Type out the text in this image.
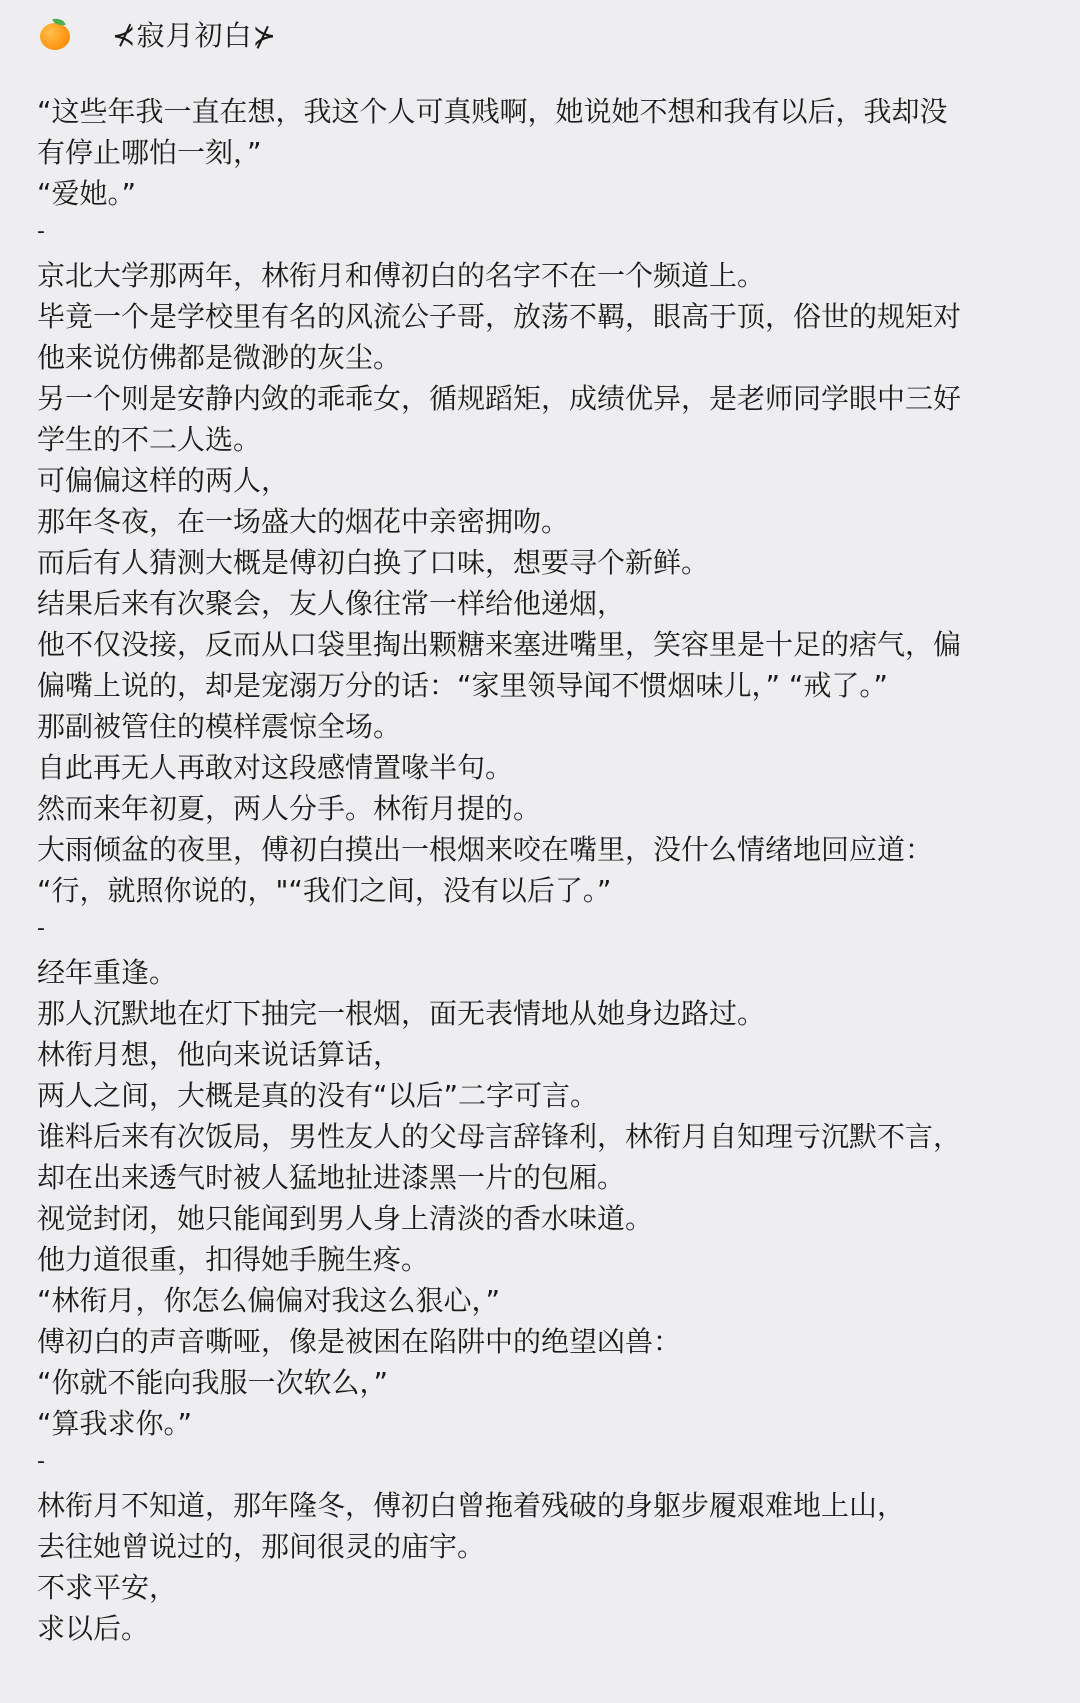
⊀寂月初白⊁
“这些年我一直在想，我这个人可真贱啊，她说她不想和我有以后，我却没
有停止哪怕一刻，”
“爱她。”
-
京北大学那两年，林衔月和傅初白的名字不在一个频道上。
毕竟一个是学校里有名的风流公子哥，放荡不羁，眼高于顶，俗世的规矩对
他来说仿佛都是微渺的灰尘。
另一个则是安静内敛的乖乖女，循规蹈矩，成绩优异，是老师同学眼中三好
学生的不二人选。
可偏偏这样的两人，
那年冬夜，在一场盛大的烟花中亲密拥吻。
而后有人猜测大概是傅初白换了口味，想要寻个新鲜。
结果后来有次聚会，友人像往常一样给他递烟，
他不仅没接，反而从口袋里掏出颗糖来塞进嘴里，笑容里是十足的痞气，偏
偏嘴上说的，却是宠溺万分的话：“家里领导闻不惯烟味儿，” “戒了。”
那副被管住的模样震惊全场。
自此再无人再敢对这段感情置喙半句。
然而来年初夏，两人分手。林衔月提的。
大雨倾盆的夜里，傅初白摸出一根烟来咬在嘴里，没什么情绪地回应道：
“行，就照你说的，"“我们之间，没有以后了。”
-
经年重逢。
那人沉默地在灯下抽完一根烟，面无表情地从她身边路过。
林衔月想，他向来说话算话，
两人之间，大概是真的没有“以后”二字可言。
谁料后来有次饭局，男性友人的父母言辞锋利，林衔月自知理亏沉默不言，
却在出来透气时被人猛地扯进漆黑一片的包厢。
视觉封闭，她只能闻到男人身上清淡的香水味道。
他力道很重，扣得她手腕生疼。
“林衔月，你怎么偏偏对我这么狠心，”
傅初白的声音嘶哑，像是被困在陷阱中的绝望凶兽：
“你就不能向我服一次软么，”
“算我求你。”
-
林衔月不知道，那年隆冬，傅初白曾拖着残破的身躯步履艰难地上山，
去往她曾说过的，那间很灵的庙宇。
不求平安，
求以后。
